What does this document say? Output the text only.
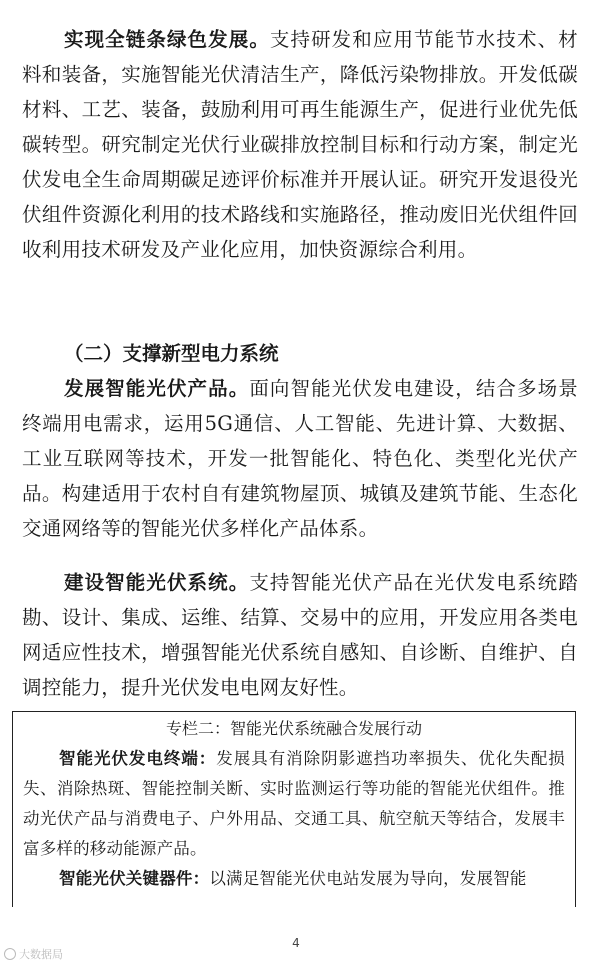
实现全链条绿色发展。支持研发和应用节能节水技术、材料和装备，实施智能光伏清洁生产，降低污染物排放。开发低碳材料、工艺、装备，鼓励利用可再生能源生产，促进行业优先低碳转型。研究制定光伏行业碳排放控制目标和行动方案，制定光伏发电全生命周期碳足迹评价标准并开展认证。研究开发退役光伏组件资源化利用的技术路线和实施路径，推动废旧光伏组件回收利用技术研发及产业化应用，加快资源综合利用。

（二）支撑新型电力系统

发展智能光伏产品。面向智能光伏发电建设，结合多场景终端用电需求，运用5G通信、人工智能、先进计算、大数据、工业互联网等技术，开发一批智能化、特色化、类型化光伏产品。构建适用于农村自有建筑物屋顶、城镇及建筑节能、生态化交通网络等的智能光伏多样化产品体系。

建设智能光伏系统。支持智能光伏产品在光伏发电系统踏勘、设计、集成、运维、结算、交易中的应用，开发应用各类电网适应性技术，增强智能光伏系统自感知、自诊断、自维护、自调控能力，提升光伏发电电网友好性。

专栏二：智能光伏系统融合发展行动

智能光伏发电终端：发展具有消除阴影遮挡功率损失、优化失配损失、消除热斑、智能控制关断、实时监测运行等功能的智能光伏组件。推动光伏产品与消费电子、户外用品、交通工具、航空航天等结合，发展丰富多样的移动能源产品。

智能光伏关键器件：以满足智能光伏电站发展为导向，发展智能

4
大数据局
